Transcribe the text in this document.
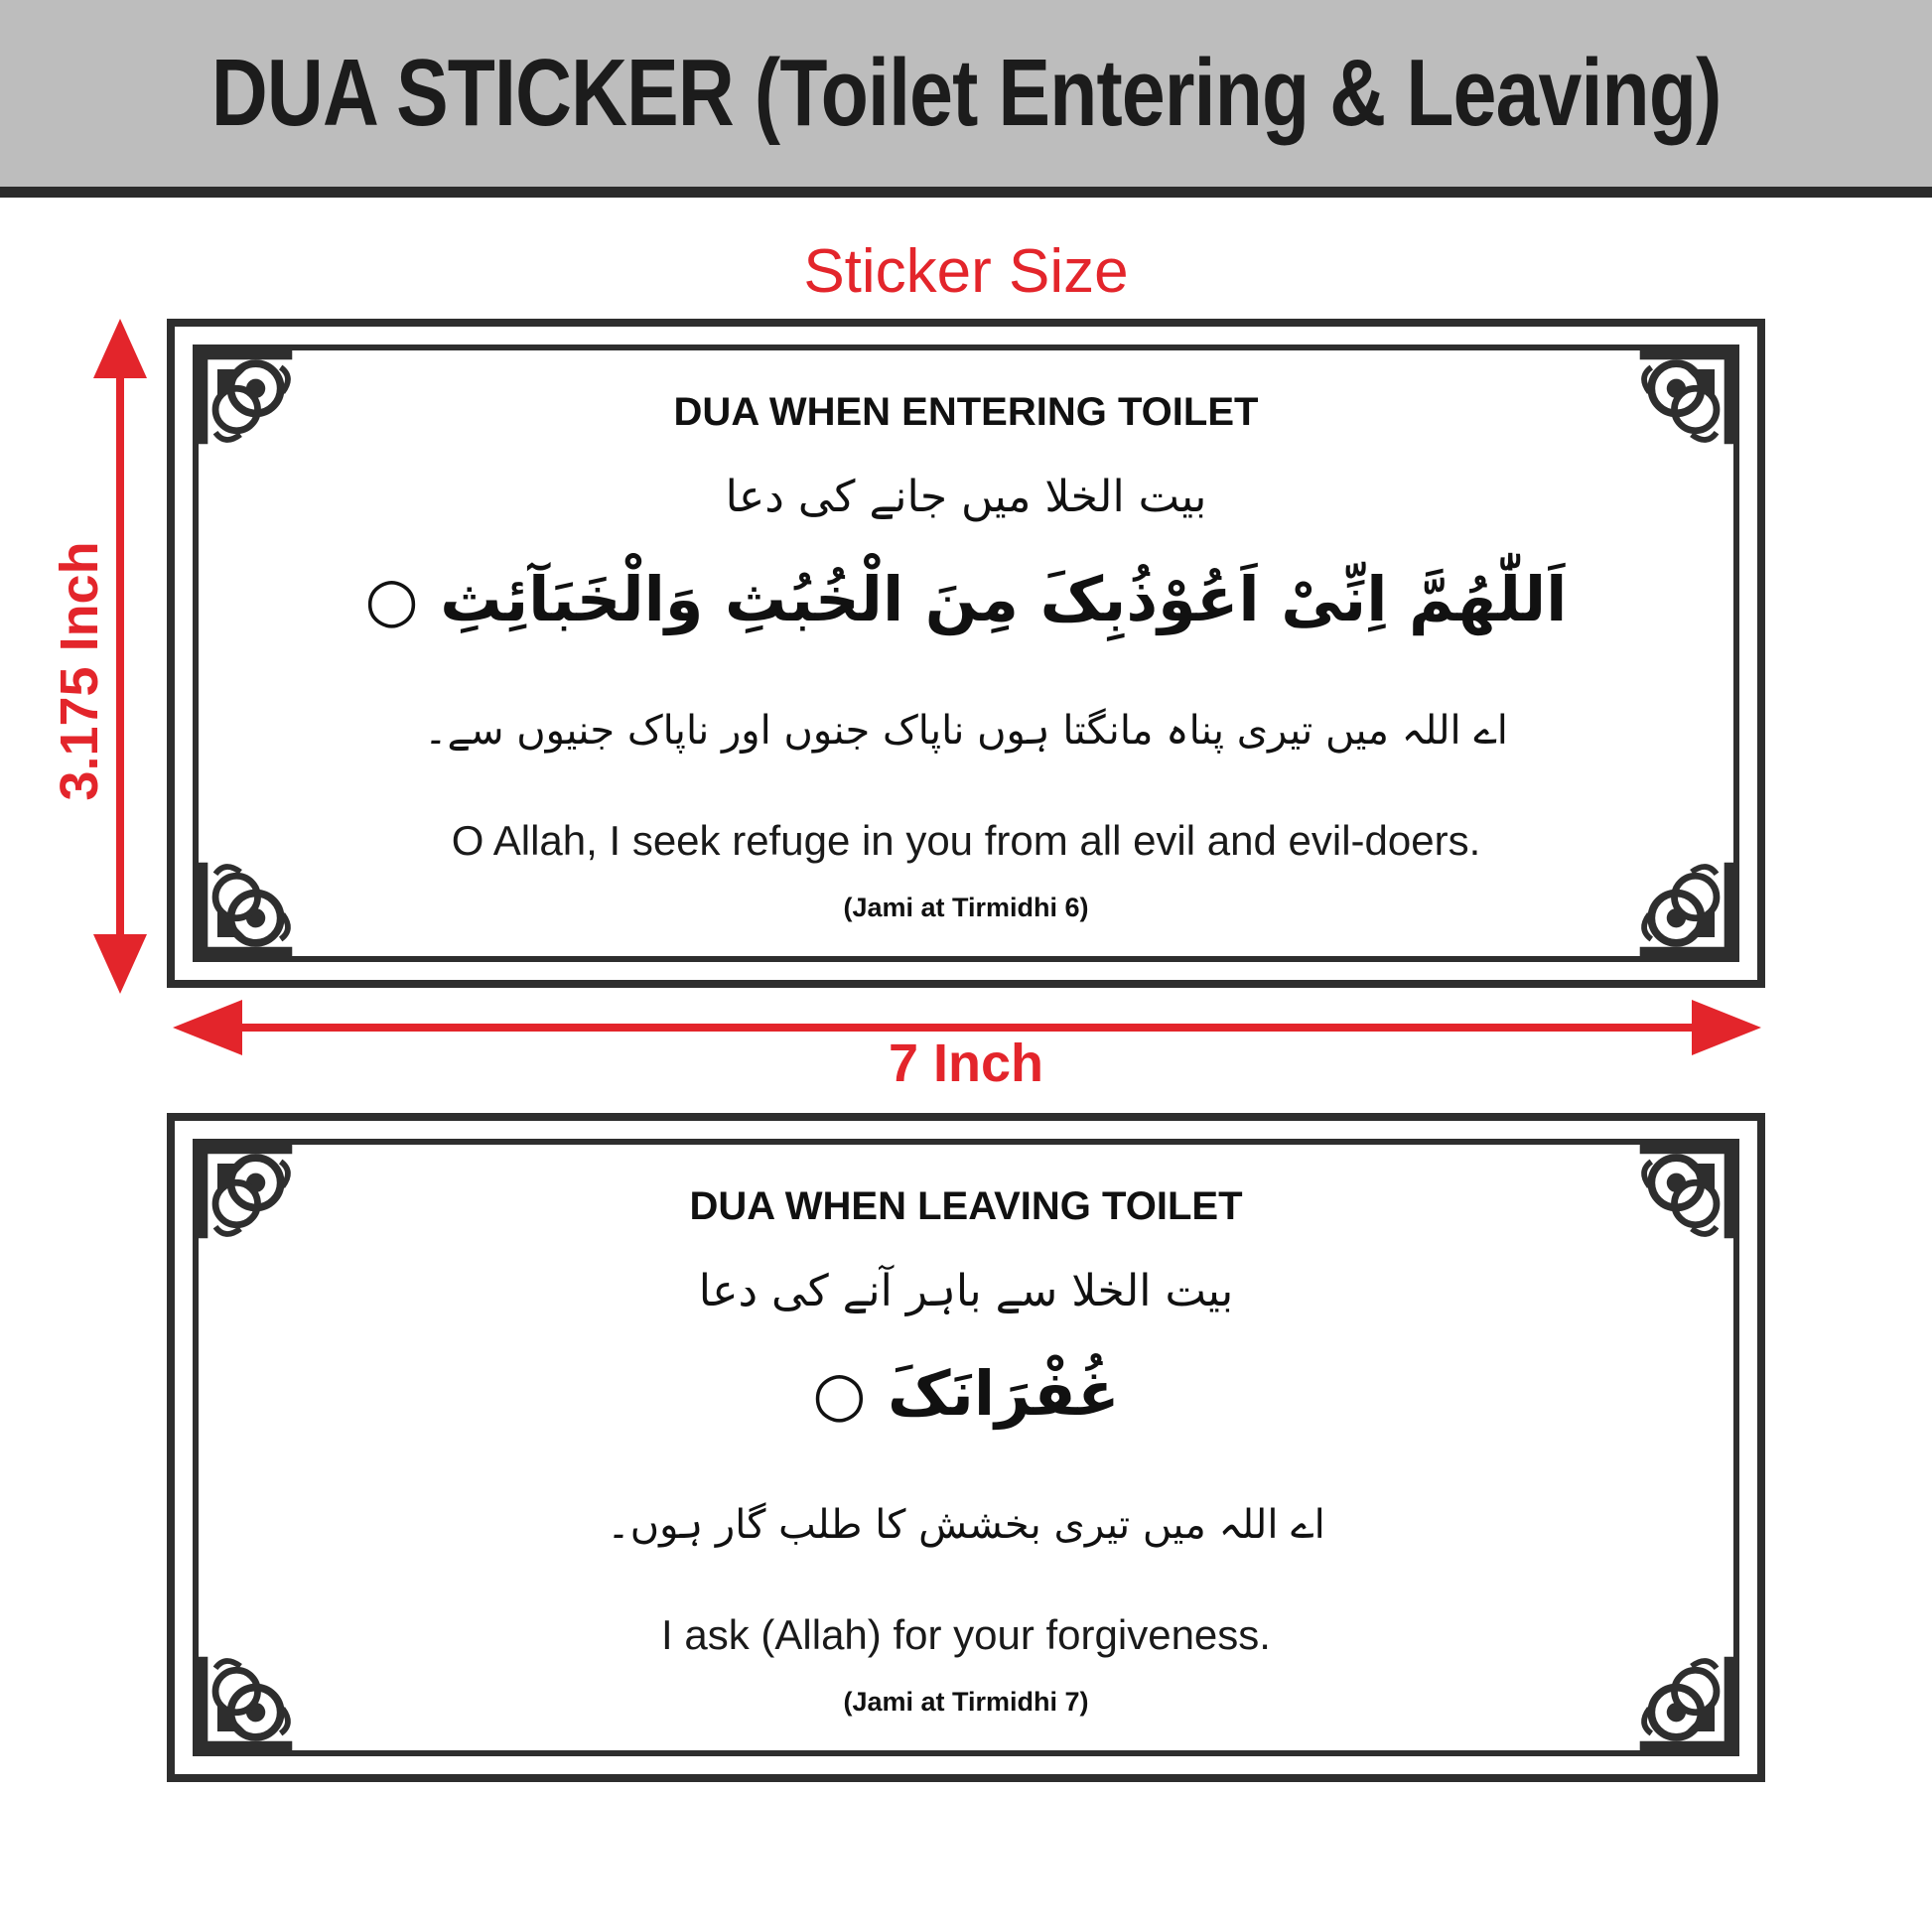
DUA STICKER (Toilet Entering & Leaving)
Sticker Size
3.175 Inch
7 Inch
DUA WHEN ENTERING TOILET
بیت الخلا میں جانے کی دعا
اَللّٰھُمَّ اِنِّیْ اَعُوْذُبِکَ مِنَ الْخُبُثِ وَالْخَبَآئِثِ ○
اے اللہ میں تیری پناہ مانگتا ہوں ناپاک جنوں اور ناپاک جنیوں سے۔
O Allah, I seek refuge in you from all evil and evil-doers.
(Jami at Tirmidhi 6)
DUA WHEN LEAVING TOILET
بیت الخلا سے باہر آنے کی دعا
غُفْرَانَکَ ○
اے اللہ میں تیری بخشش کا طلب گار ہوں۔
I ask (Allah) for your forgiveness.
(Jami at Tirmidhi 7)
